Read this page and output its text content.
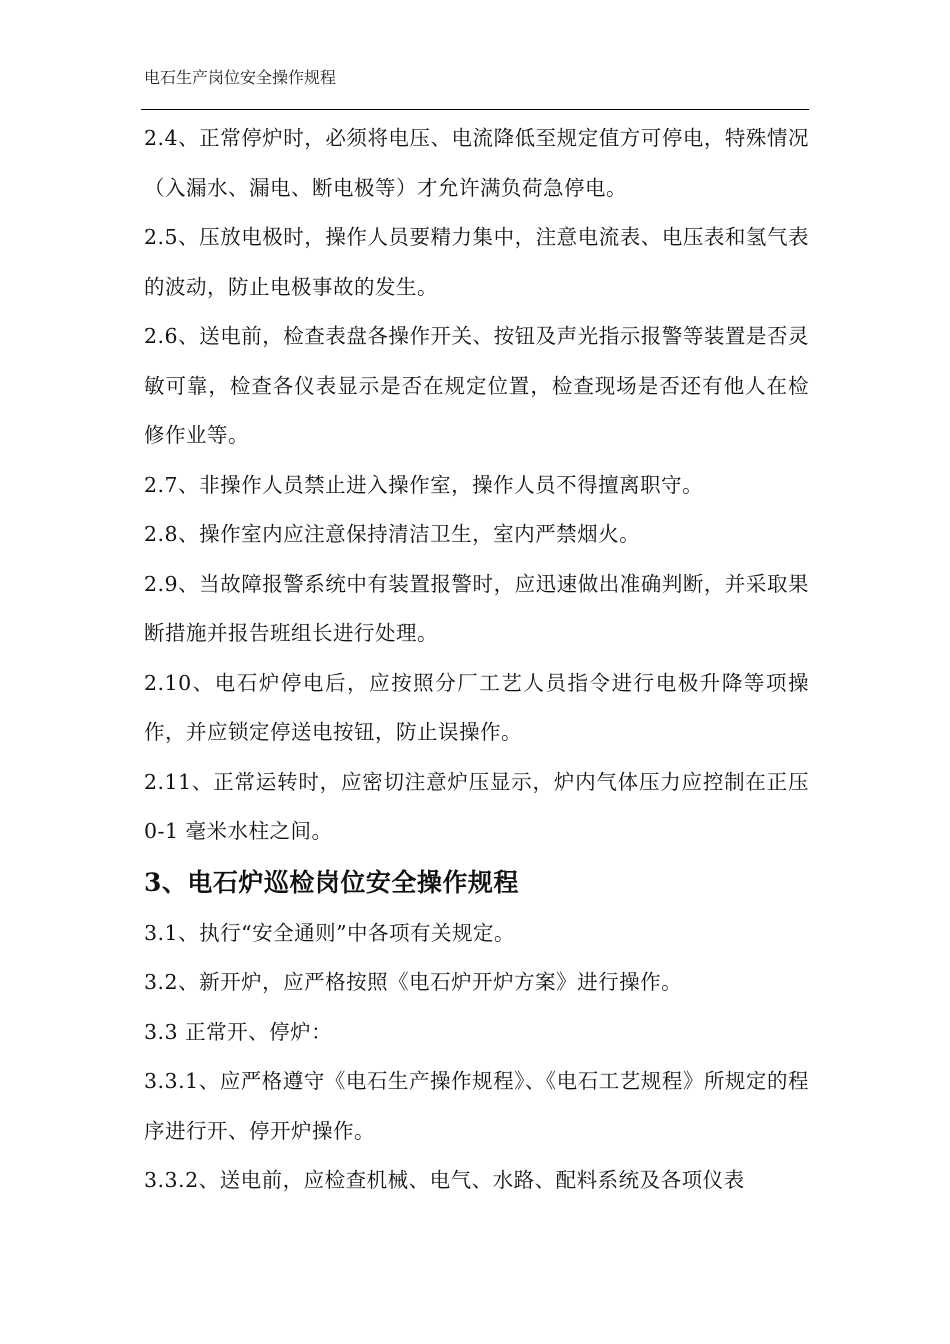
电石生产岗位安全操作规程

2.4、正常停炉时，必须将电压、电流降低至规定值方可停电，特殊情况（入漏水、漏电、断电极等）才允许满负荷急停电。

2.5、压放电极时，操作人员要精力集中，注意电流表、电压表和氢气表的波动，防止电极事故的发生。

2.6、送电前，检查表盘各操作开关、按钮及声光指示报警等装置是否灵敏可靠，检查各仪表显示是否在规定位置，检查现场是否还有他人在检修作业等。

2.7、非操作人员禁止进入操作室，操作人员不得擅离职守。

2.8、操作室内应注意保持清洁卫生，室内严禁烟火。

2.9、当故障报警系统中有装置报警时，应迅速做出准确判断，并采取果断措施并报告班组长进行处理。

2.10、电石炉停电后，应按照分厂工艺人员指令进行电极升降等项操作，并应锁定停送电按钮，防止误操作。

2.11、正常运转时，应密切注意炉压显示，炉内气体压力应控制在正压 0-1 毫米水柱之间。

3、电石炉巡检岗位安全操作规程

3.1、执行“安全通则”中各项有关规定。

3.2、新开炉，应严格按照《电石炉开炉方案》进行操作。

3.3 正常开、停炉：

3.3.1、应严格遵守《电石生产操作规程》、《电石工艺规程》所规定的程序进行开、停开炉操作。

3.3.2、送电前，应检查机械、电气、水路、配料系统及各项仪表
